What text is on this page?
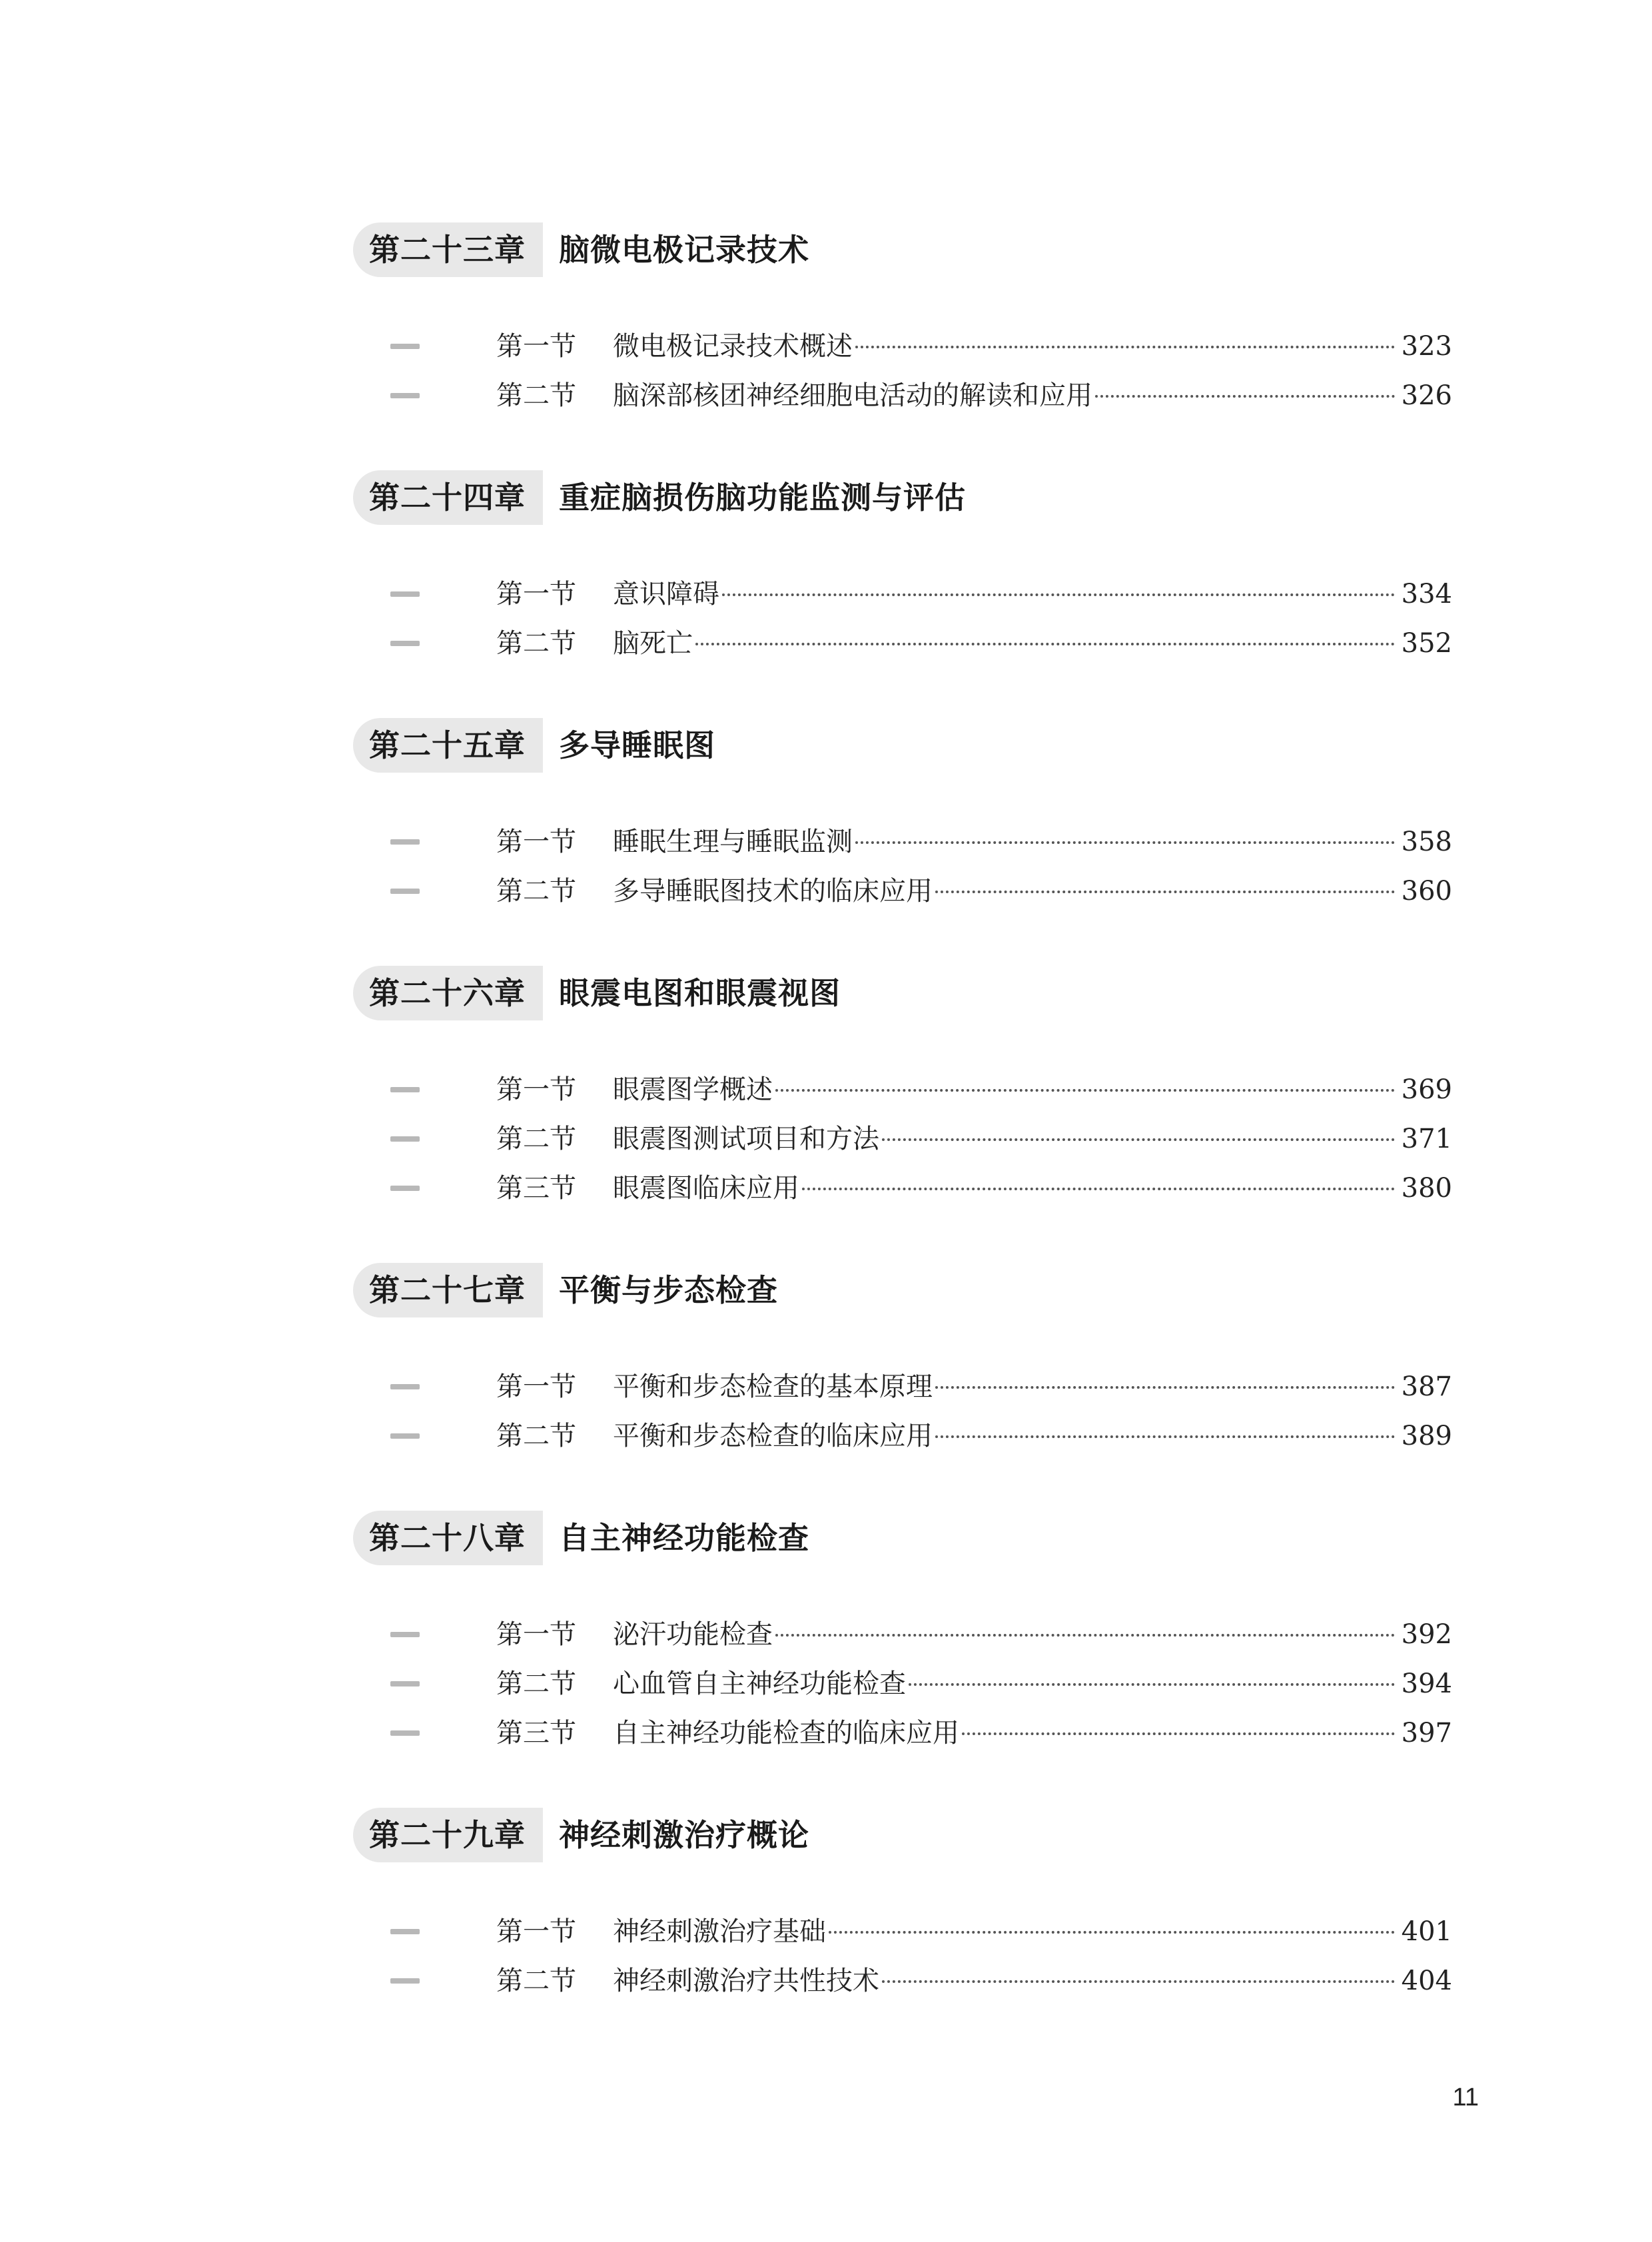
第二十三章	脑微电极记录技术
第一节 微电极记录技术概述	323
第二节 脑深部核团神经细胞电活动的解读和应用	326
第二十四章	重症脑损伤脑功能监测与评估
第一节 意识障碍	334
第二节 脑死亡	352
第二十五章	多导睡眠图
第一节 睡眠生理与睡眠监测	358
第二节 多导睡眠图技术的临床应用	360
第二十六章	眼震电图和眼震视图
第一节 眼震图学概述	369
第二节 眼震图测试项目和方法	371
第三节 眼震图临床应用	380
第二十七章	平衡与步态检查
第一节 平衡和步态检查的基本原理	387
第二节 平衡和步态检查的临床应用	389
第二十八章	自主神经功能检查
第一节 泌汗功能检查	392
第二节 心血管自主神经功能检查	394
第三节 自主神经功能检查的临床应用	397
第二十九章	神经刺激治疗概论
第一节 神经刺激治疗基础	401
第二节 神经刺激治疗共性技术	404
11
